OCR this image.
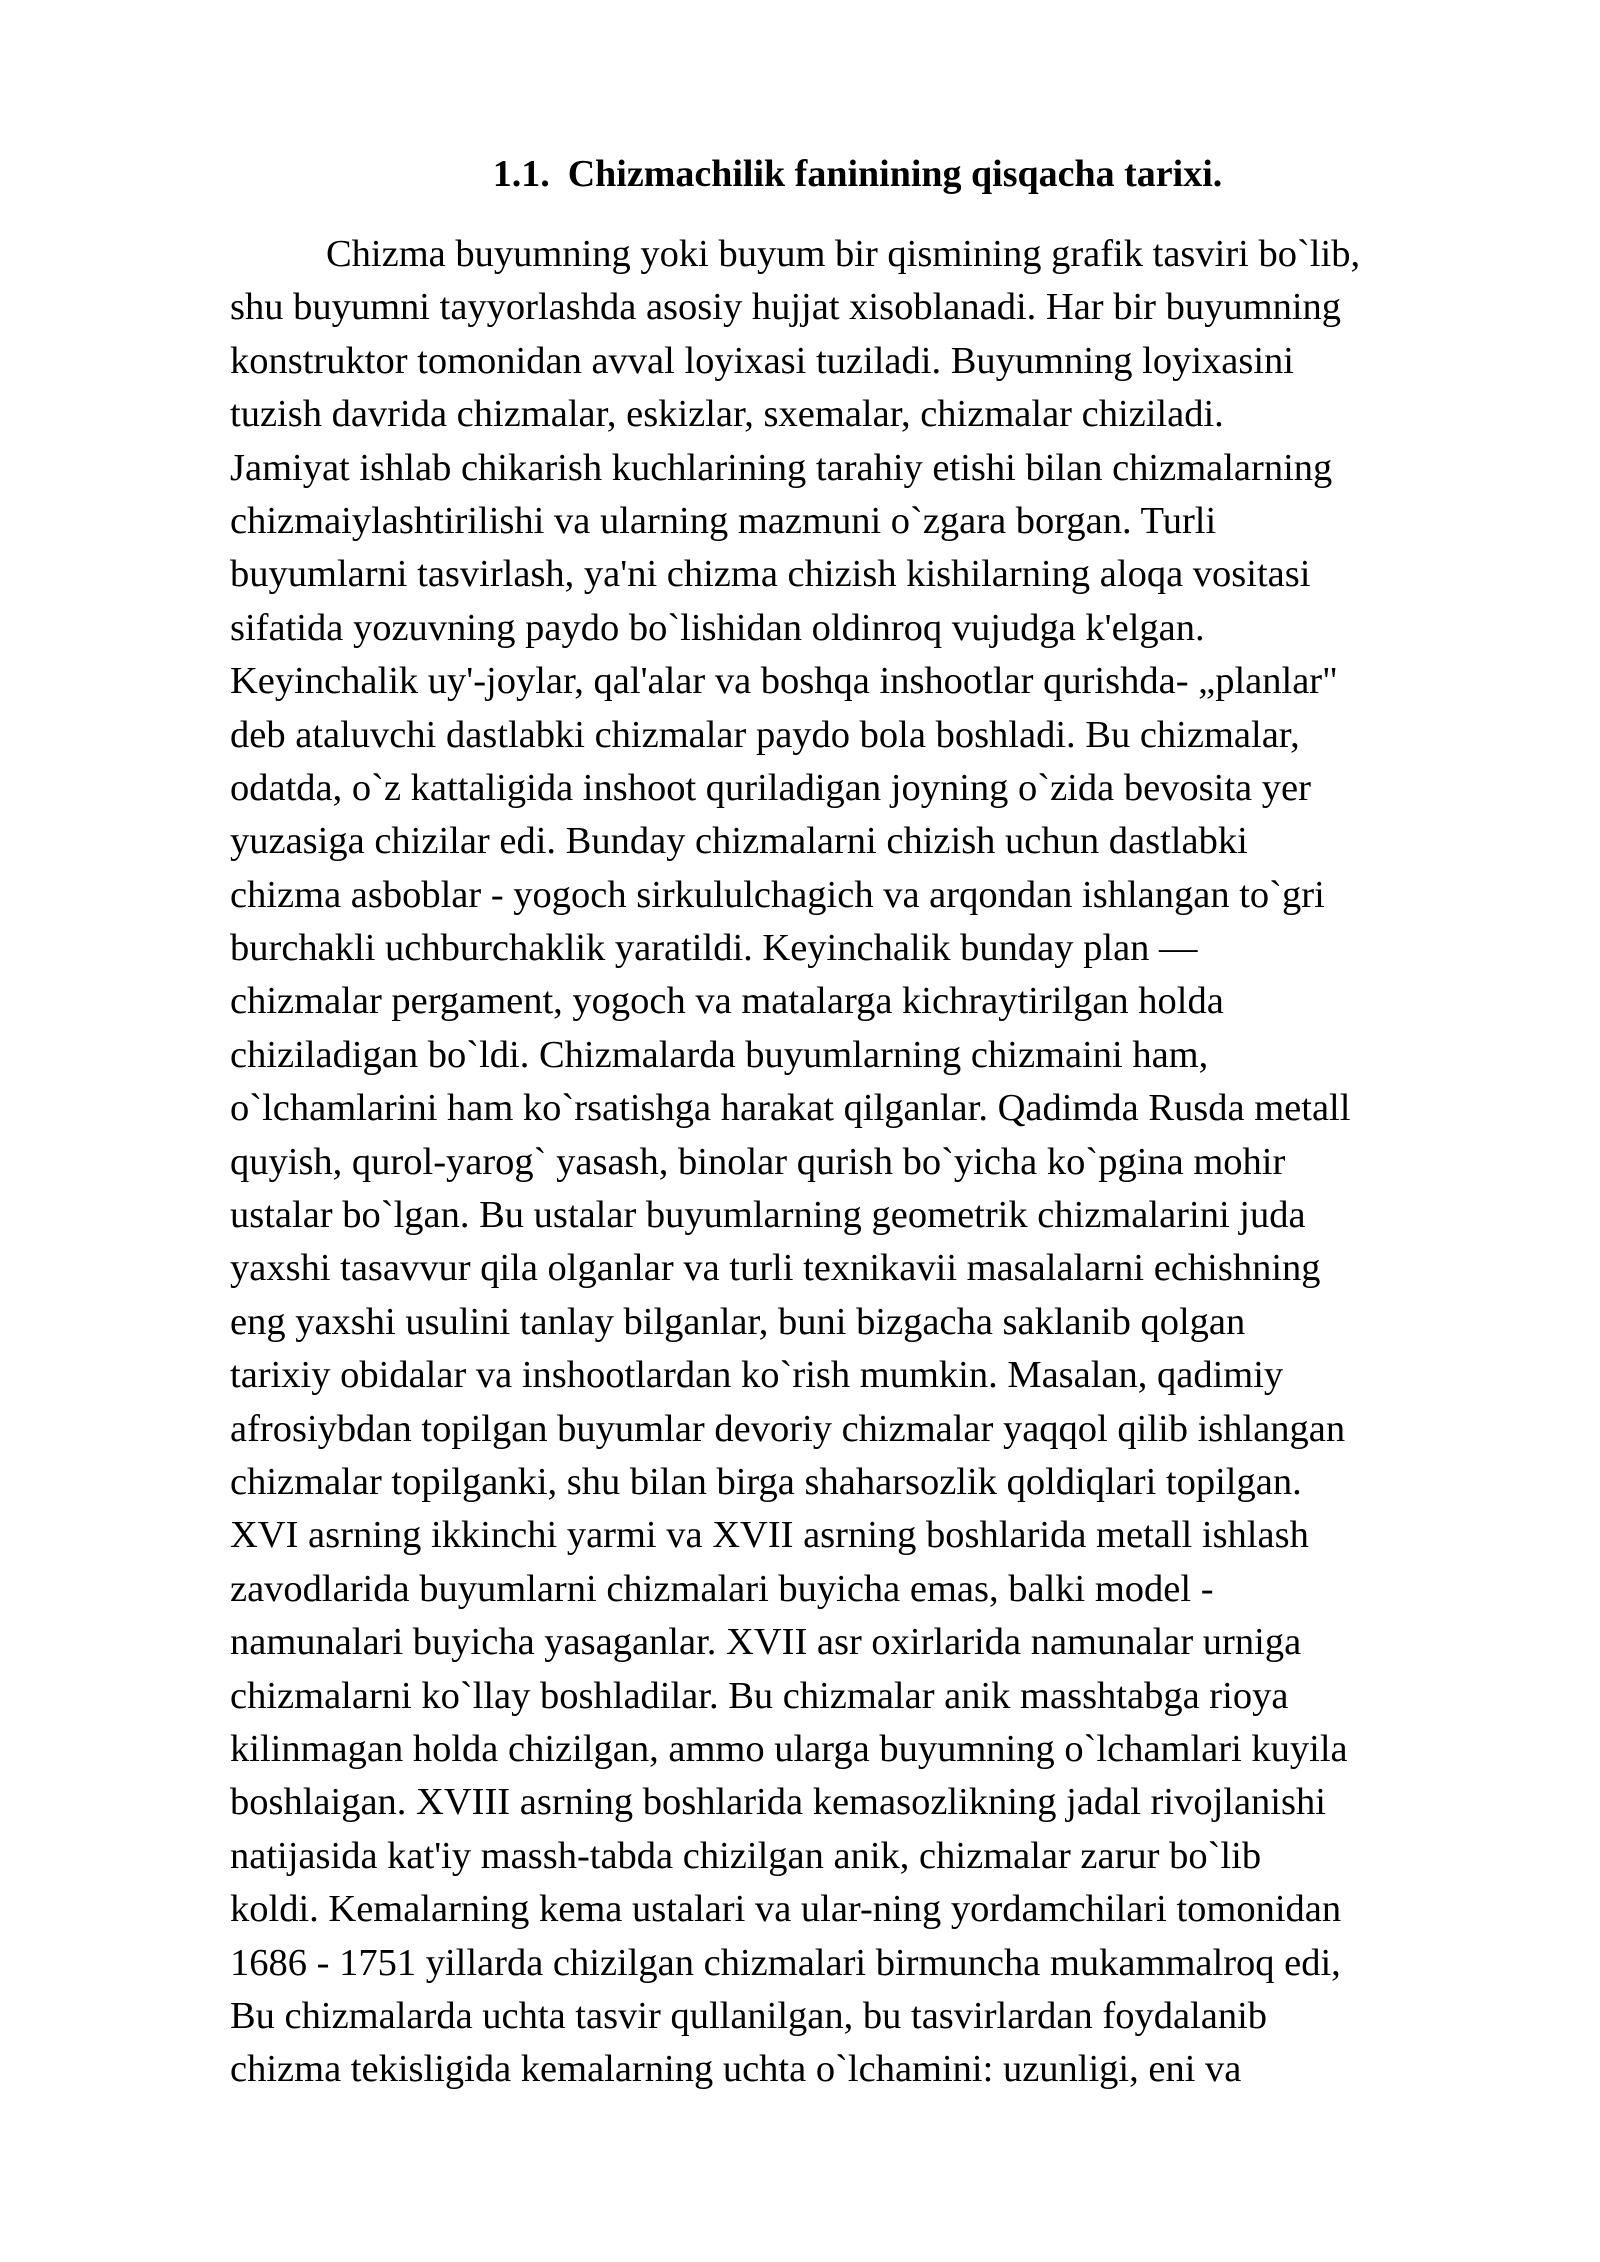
1.1. Chizmachilik faninining qisqacha tarixi.
Chizma buyumning yoki buyum bir qismining grafik tasviri bo`lib,
shu buyumni tayyorlashda asosiy hujjat xisoblanadi. Har bir buyumning
konstruktor tomonidan avval loyixasi tuziladi. Buyumning loyixasini
tuzish davrida chizmalar, eskizlar, sxemalar, chizmalar chiziladi.
Jamiyat ishlab chikarish kuchlarining tarahiy etishi bilan chizmalarning
chizmaiylashtirilishi va ularning mazmuni o`zgara borgan. Turli
buyumlarni tasvirlash, ya'ni chizma chizish kishilarning aloqa vositasi
sifatida yozuvning paydo bo`lishidan oldinroq vujudga k'elgan.
Keyinchalik uy'-joylar, qal'alar va boshqa inshootlar qurishda- „planlar"
deb ataluvchi dastlabki chizmalar paydo bola boshladi. Bu chizmalar,
odatda, o`z kattaligida inshoot quriladigan joyning o`zida bevosita yer
yuzasiga chizilar edi. Bunday chizmalarni chizish uchun dastlabki
chizma asboblar - yogoch sirkululchagich va arqondan ishlangan to`gri
burchakli uchburchaklik yaratildi. Keyinchalik bunday plan —
chizmalar pergament, yogoch va matalarga kichraytirilgan holda
chiziladigan bo`ldi. Chizmalarda buyumlarning chizmaini ham,
o`lchamlarini ham ko`rsatishga harakat qilganlar. Qadimda Rusda metall
quyish, qurol-yarog` yasash, binolar qurish bo`yicha ko`pgina mohir
ustalar bo`lgan. Bu ustalar buyumlarning geometrik chizmalarini juda
yaxshi tasavvur qila olganlar va turli texnikavii masalalarni echishning
eng yaxshi usulini tanlay bilganlar, buni bizgacha saklanib qolgan
tarixiy obidalar va inshootlardan ko`rish mumkin. Masalan, qadimiy
afrosiybdan topilgan buyumlar devoriy chizmalar yaqqol qilib ishlangan
chizmalar topilganki, shu bilan birga shaharsozlik qoldiqlari topilgan.
XVI asrning ikkinchi yarmi va XVII asrning boshlarida metall ishlash
zavodlarida buyumlarni chizmalari buyicha emas, balki model -
namunalari buyicha yasaganlar. XVII asr oxirlarida namunalar urniga
chizmalarni ko`llay boshladilar. Bu chizmalar anik masshtabga rioya
kilinmagan holda chizilgan, ammo ularga buyumning o`lchamlari kuyila
boshlaigan. XVIII asrning boshlarida kemasozlikning jadal rivojlanishi
natijasida kat'iy massh-tabda chizilgan anik, chizmalar zarur bo`lib
koldi. Kemalarning kema ustalari va ular-ning yordamchilari tomonidan
1686 - 1751 yillarda chizilgan chizmalari birmuncha mukammalroq edi,
Bu chizmalarda uchta tasvir qullanilgan, bu tasvirlardan foydalanib
chizma tekisligida kemalarning uchta o`lchamini: uzunligi, eni va
